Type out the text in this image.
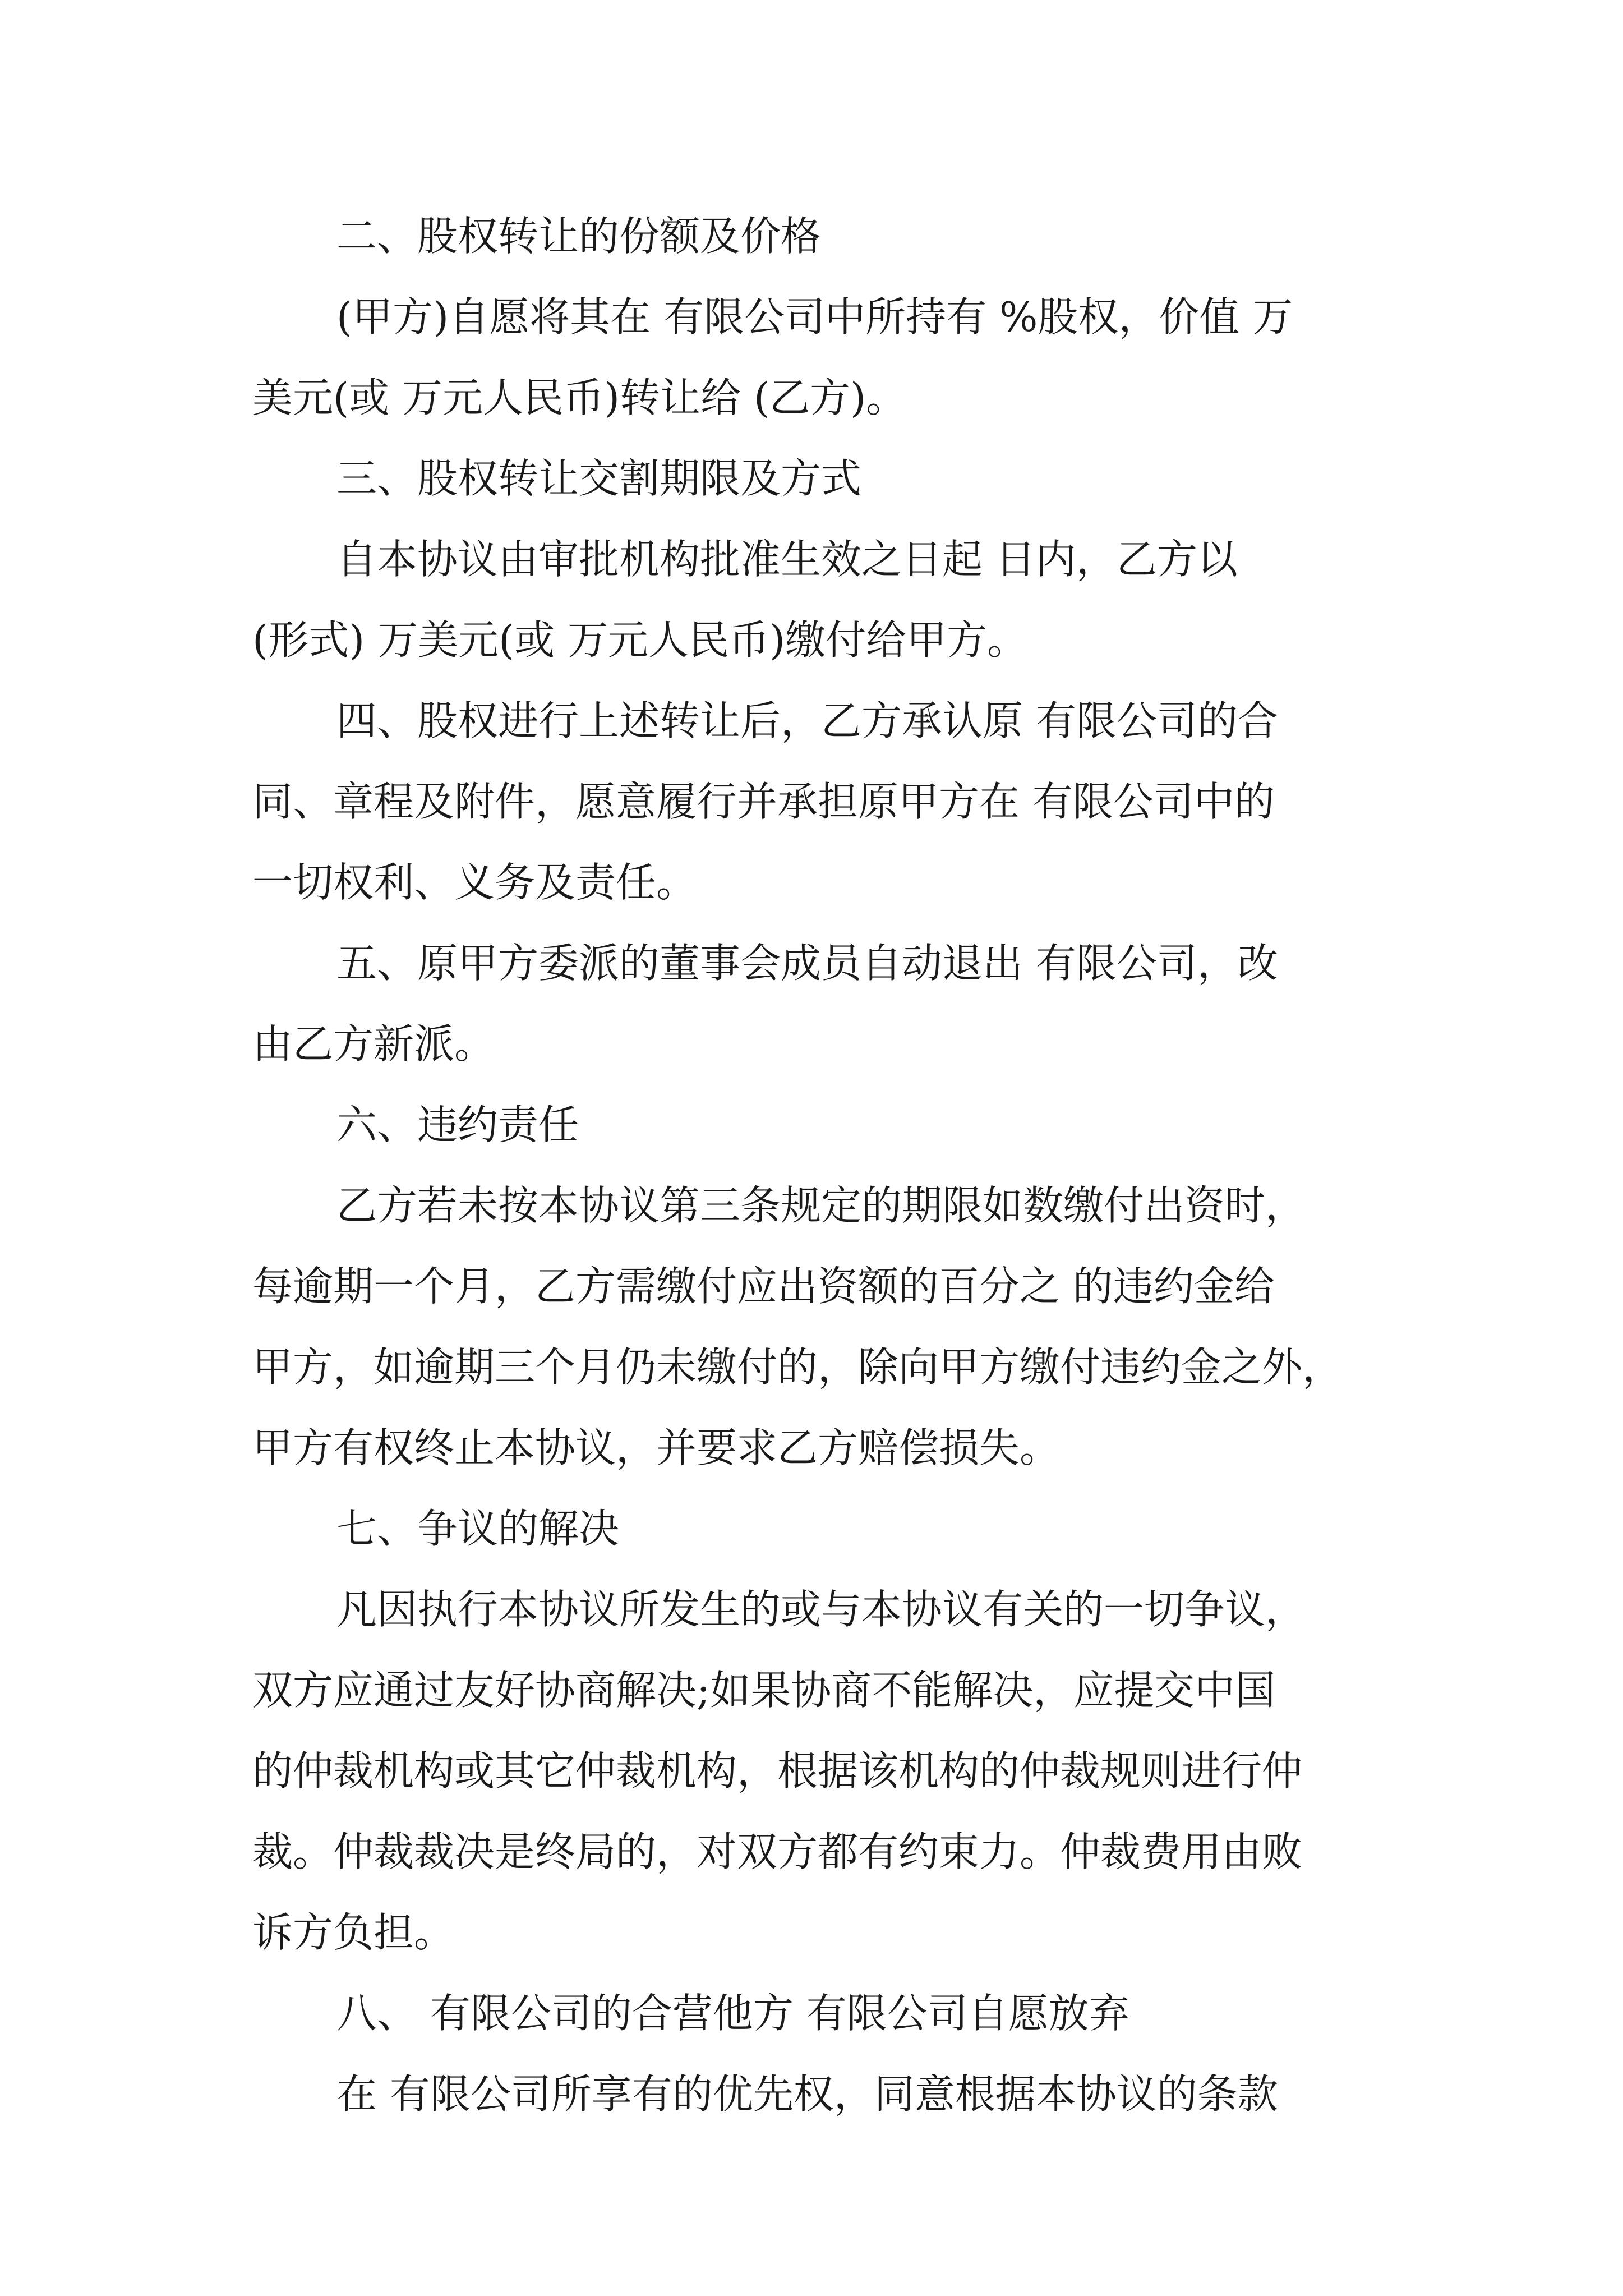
二、股权转让的份额及价格
(甲方)自愿将其在 有限公司中所持有 %股权，价值 万
美元(或 万元人民币)转让给 (乙方)。
三、股权转让交割期限及方式
自本协议由审批机构批准生效之日起 日内，乙方以
(形式) 万美元(或 万元人民币)缴付给甲方。
四、股权进行上述转让后，乙方承认原 有限公司的合
同、章程及附件，愿意履行并承担原甲方在 有限公司中的
一切权利、义务及责任。
五、原甲方委派的董事会成员自动退出 有限公司，改
由乙方新派。
六、违约责任
乙方若未按本协议第三条规定的期限如数缴付出资时，
每逾期一个月，乙方需缴付应出资额的百分之 的违约金给
甲方，如逾期三个月仍未缴付的，除向甲方缴付违约金之外，
甲方有权终止本协议，并要求乙方赔偿损失。
七、争议的解决
凡因执行本协议所发生的或与本协议有关的一切争议，
双方应通过友好协商解决;如果协商不能解决，应提交中国
的仲裁机构或其它仲裁机构，根据该机构的仲裁规则进行仲
裁。仲裁裁决是终局的，对双方都有约束力。仲裁费用由败
诉方负担。
八、 有限公司的合营他方 有限公司自愿放弃
在 有限公司所享有的优先权，同意根据本协议的条款
